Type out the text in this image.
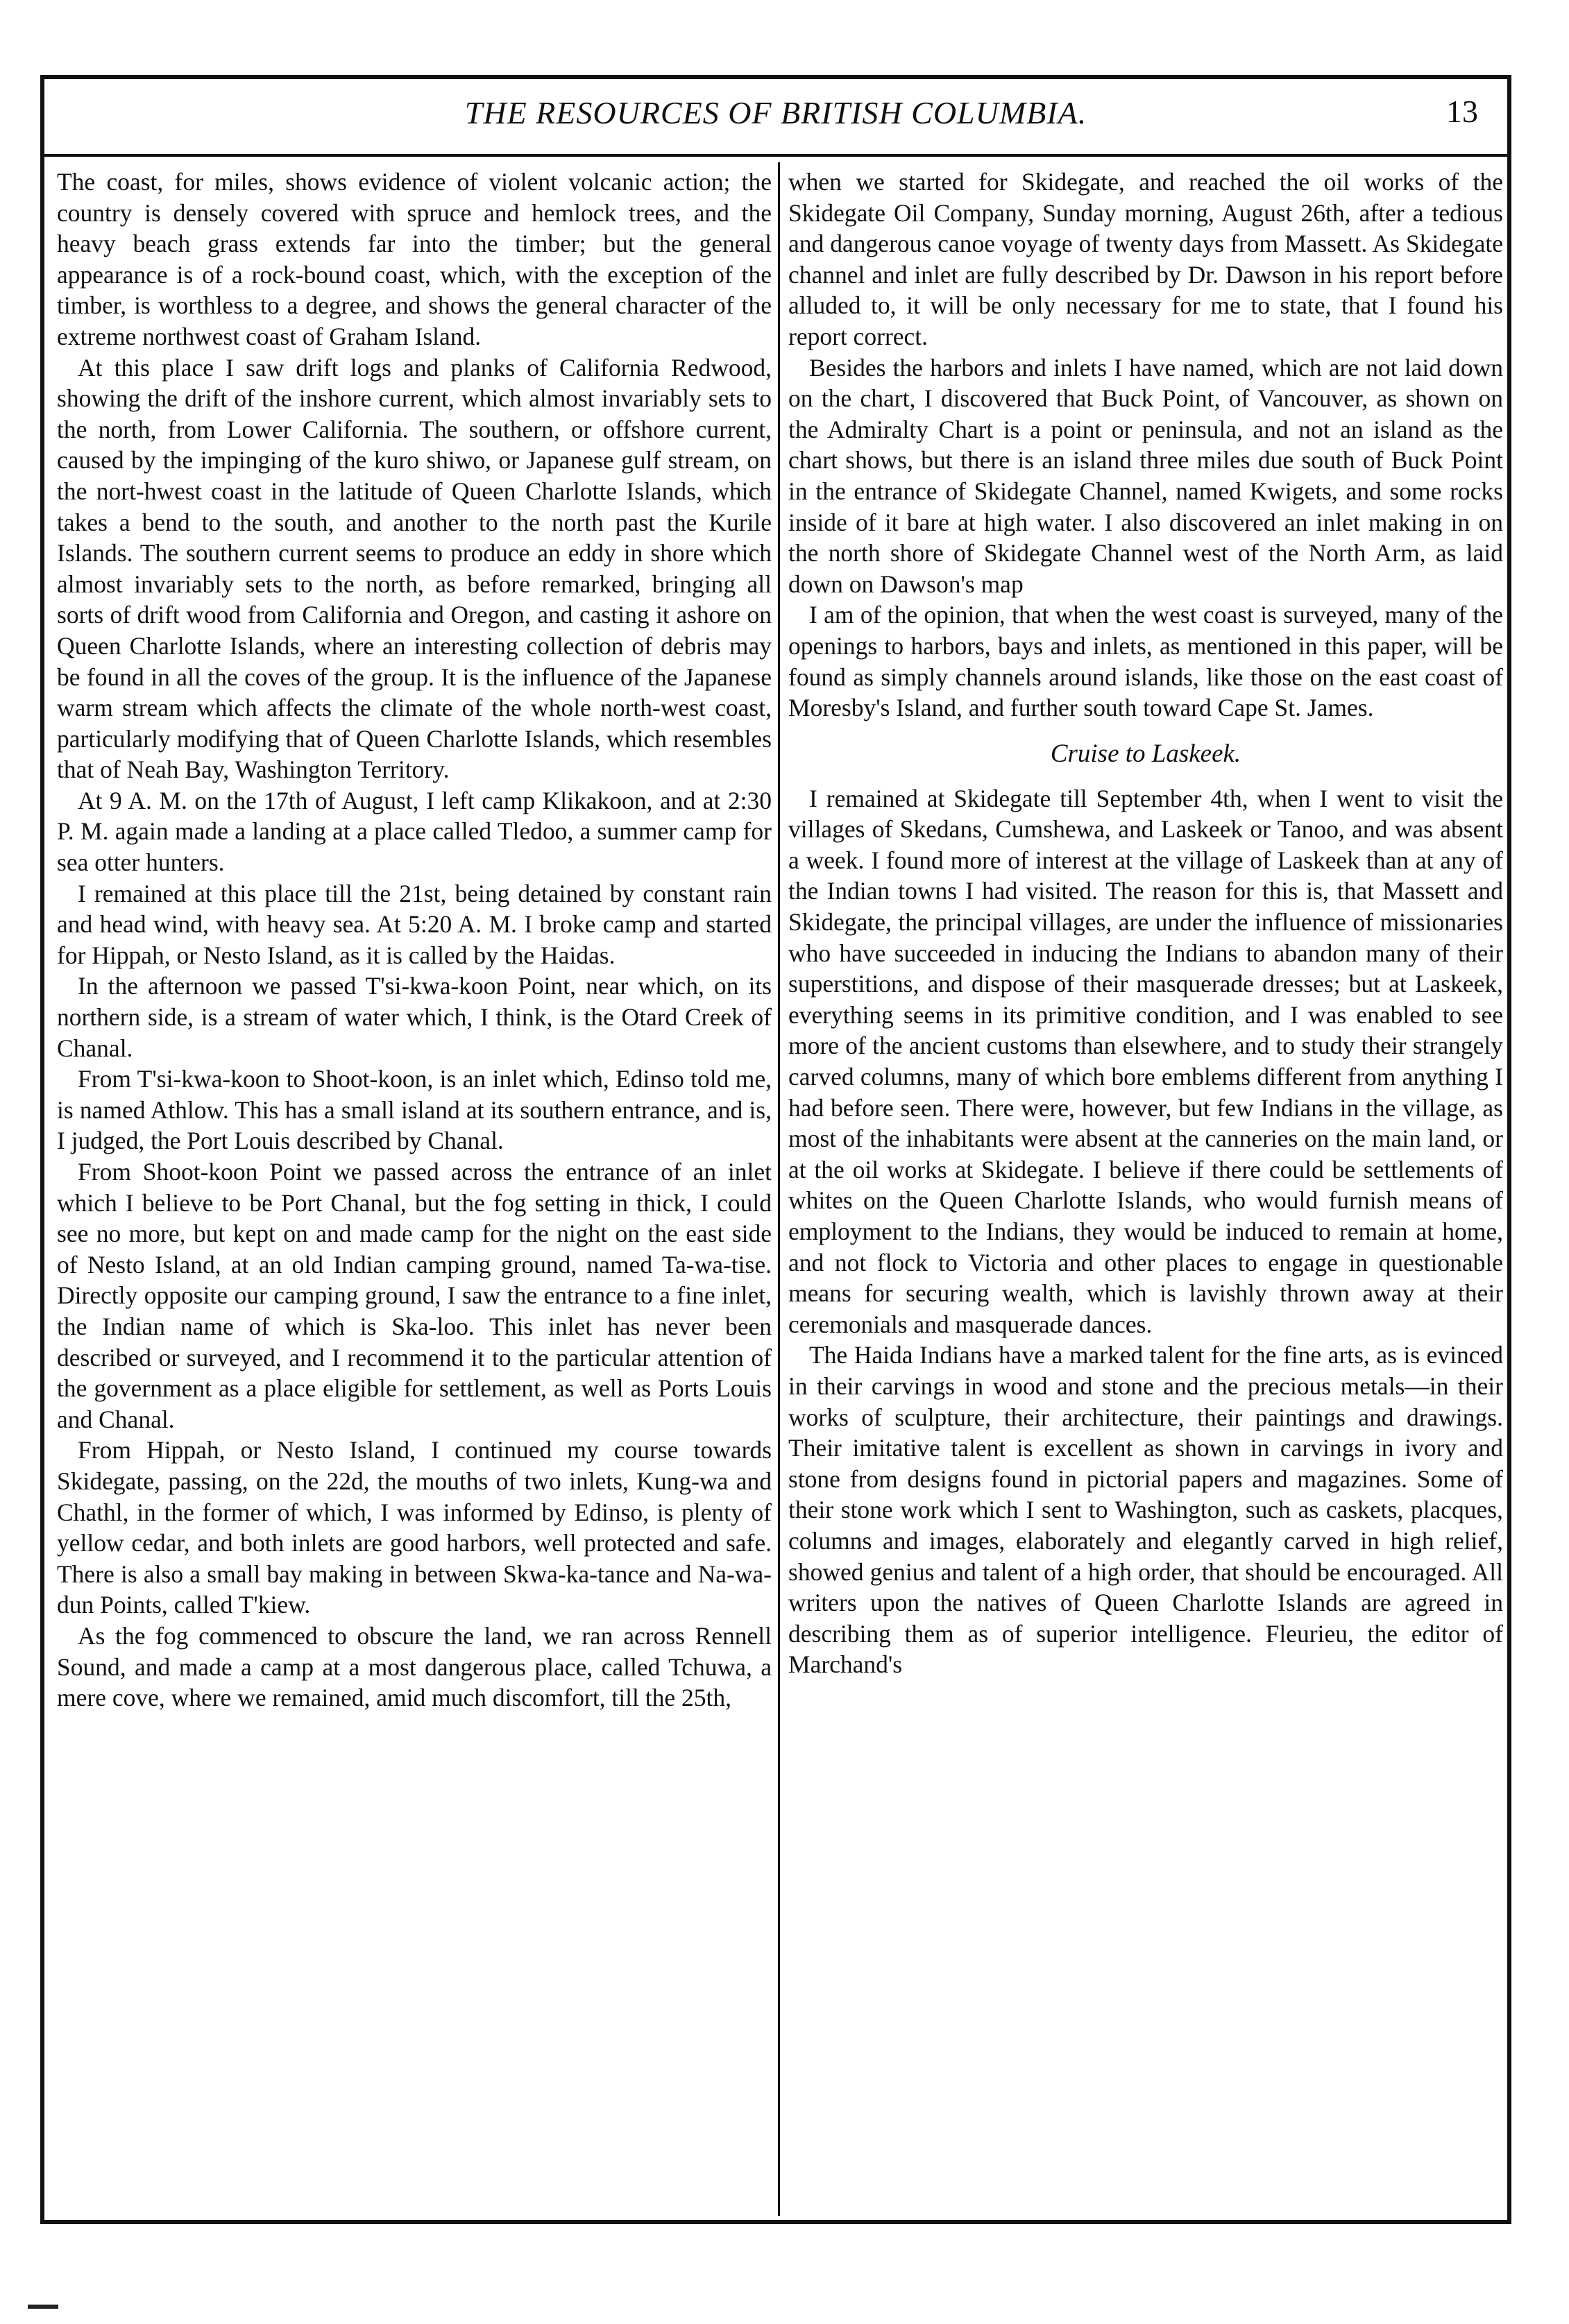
THE RESOURCES OF BRITISH COLUMBIA.	13

The coast, for miles, shows evidence of violent volcanic action; the country is densely covered with spruce and hemlock trees, and the heavy beach grass extends far into the timber; but the general appearance is of a rock-bound coast, which, with the exception of the timber, is worthless to a degree, and shows the general character of the extreme northwest coast of Graham Island.

At this place I saw drift logs and planks of California Redwood, showing the drift of the inshore current, which almost invariably sets to the north, from Lower California. The southern, or offshore current, caused by the impinging of the kuro shiwo, or Japanese gulf stream, on the nort-hwest coast in the latitude of Queen Charlotte Islands, which takes a bend to the south, and another to the north past the Kurile Islands. The southern current seems to produce an eddy in shore which almost invariably sets to the north, as before remarked, bringing all sorts of drift wood from California and Oregon, and casting it ashore on Queen Charlotte Islands, where an interesting collection of debris may be found in all the coves of the group. It is the influence of the Japanese warm stream which affects the climate of the whole north-west coast, particularly modifying that of Queen Charlotte Islands, which resembles that of Neah Bay, Washington Territory.

At 9 A. M. on the 17th of August, I left camp Klikakoon, and at 2:30 P. M. again made a landing at a place called Tledoo, a summer camp for sea otter hunters.

I remained at this place till the 21st, being detained by constant rain and head wind, with heavy sea. At 5:20 A. M. I broke camp and started for Hippah, or Nesto Island, as it is called by the Haidas.

In the afternoon we passed T'si-kwa-koon Point, near which, on its northern side, is a stream of water which, I think, is the Otard Creek of Chanal.

From T'si-kwa-koon to Shoot-koon, is an inlet which, Edinso told me, is named Athlow. This has a small island at its southern entrance, and is, I judged, the Port Louis described by Chanal.

From Shoot-koon Point we passed across the entrance of an inlet which I believe to be Port Chanal, but the fog setting in thick, I could see no more, but kept on and made camp for the night on the east side of Nesto Island, at an old Indian camping ground, named Ta-wa-tise. Directly opposite our camping ground, I saw the entrance to a fine inlet, the Indian name of which is Ska-loo. This inlet has never been described or surveyed, and I recommend it to the particular attention of the government as a place eligible for settlement, as well as Ports Louis and Chanal.

From Hippah, or Nesto Island, I continued my course towards Skidegate, passing, on the 22d, the mouths of two inlets, Kung-wa and Chathl, in the former of which, I was informed by Edinso, is plenty of yellow cedar, and both inlets are good harbors, well protected and safe. There is also a small bay making in between Skwa-ka-tance and Na-wa-dun Points, called T'kiew.

As the fog commenced to obscure the land, we ran across Rennell Sound, and made a camp at a most dangerous place, called Tchuwa, a mere cove, where we remained, amid much discomfort, till the 25th,

when we started for Skidegate, and reached the oil works of the Skidegate Oil Company, Sunday morning, August 26th, after a tedious and dangerous canoe voyage of twenty days from Massett. As Skidegate channel and inlet are fully described by Dr. Dawson in his report before alluded to, it will be only necessary for me to state, that I found his report correct.

Besides the harbors and inlets I have named, which are not laid down on the chart, I discovered that Buck Point, of Vancouver, as shown on the Admiralty Chart is a point or peninsula, and not an island as the chart shows, but there is an island three miles due south of Buck Point in the entrance of Skidegate Channel, named Kwigets, and some rocks inside of it bare at high water. I also discovered an inlet making in on the north shore of Skidegate Channel west of the North Arm, as laid down on Dawson's map

I am of the opinion, that when the west coast is surveyed, many of the openings to harbors, bays and inlets, as mentioned in this paper, will be found as simply channels around islands, like those on the east coast of Moresby's Island, and further south toward Cape St. James.

Cruise to Laskeek.

I remained at Skidegate till September 4th, when I went to visit the villages of Skedans, Cumshewa, and Laskeek or Tanoo, and was absent a week. I found more of interest at the village of Laskeek than at any of the Indian towns I had visited. The reason for this is, that Massett and Skidegate, the principal villages, are under the influence of missionaries who have succeeded in inducing the Indians to abandon many of their superstitions, and dispose of their masquerade dresses; but at Laskeek, everything seems in its primitive condition, and I was enabled to see more of the ancient customs than elsewhere, and to study their strangely carved columns, many of which bore emblems different from anything I had before seen. There were, however, but few Indians in the village, as most of the inhabitants were absent at the canneries on the main land, or at the oil works at Skidegate. I believe if there could be settlements of whites on the Queen Charlotte Islands, who would furnish means of employment to the Indians, they would be induced to remain at home, and not flock to Victoria and other places to engage in questionable means for securing wealth, which is lavishly thrown away at their ceremonials and masquerade dances.

The Haida Indians have a marked talent for the fine arts, as is evinced in their carvings in wood and stone and the precious metals—in their works of sculpture, their architecture, their paintings and drawings. Their imitative talent is excellent as shown in carvings in ivory and stone from designs found in pictorial papers and magazines. Some of their stone work which I sent to Washington, such as caskets, placques, columns and images, elaborately and elegantly carved in high relief, showed genius and talent of a high order, that should be encouraged. All writers upon the natives of Queen Charlotte Islands are agreed in describing them as of superior intelligence. Fleurieu, the editor of Marchand's
